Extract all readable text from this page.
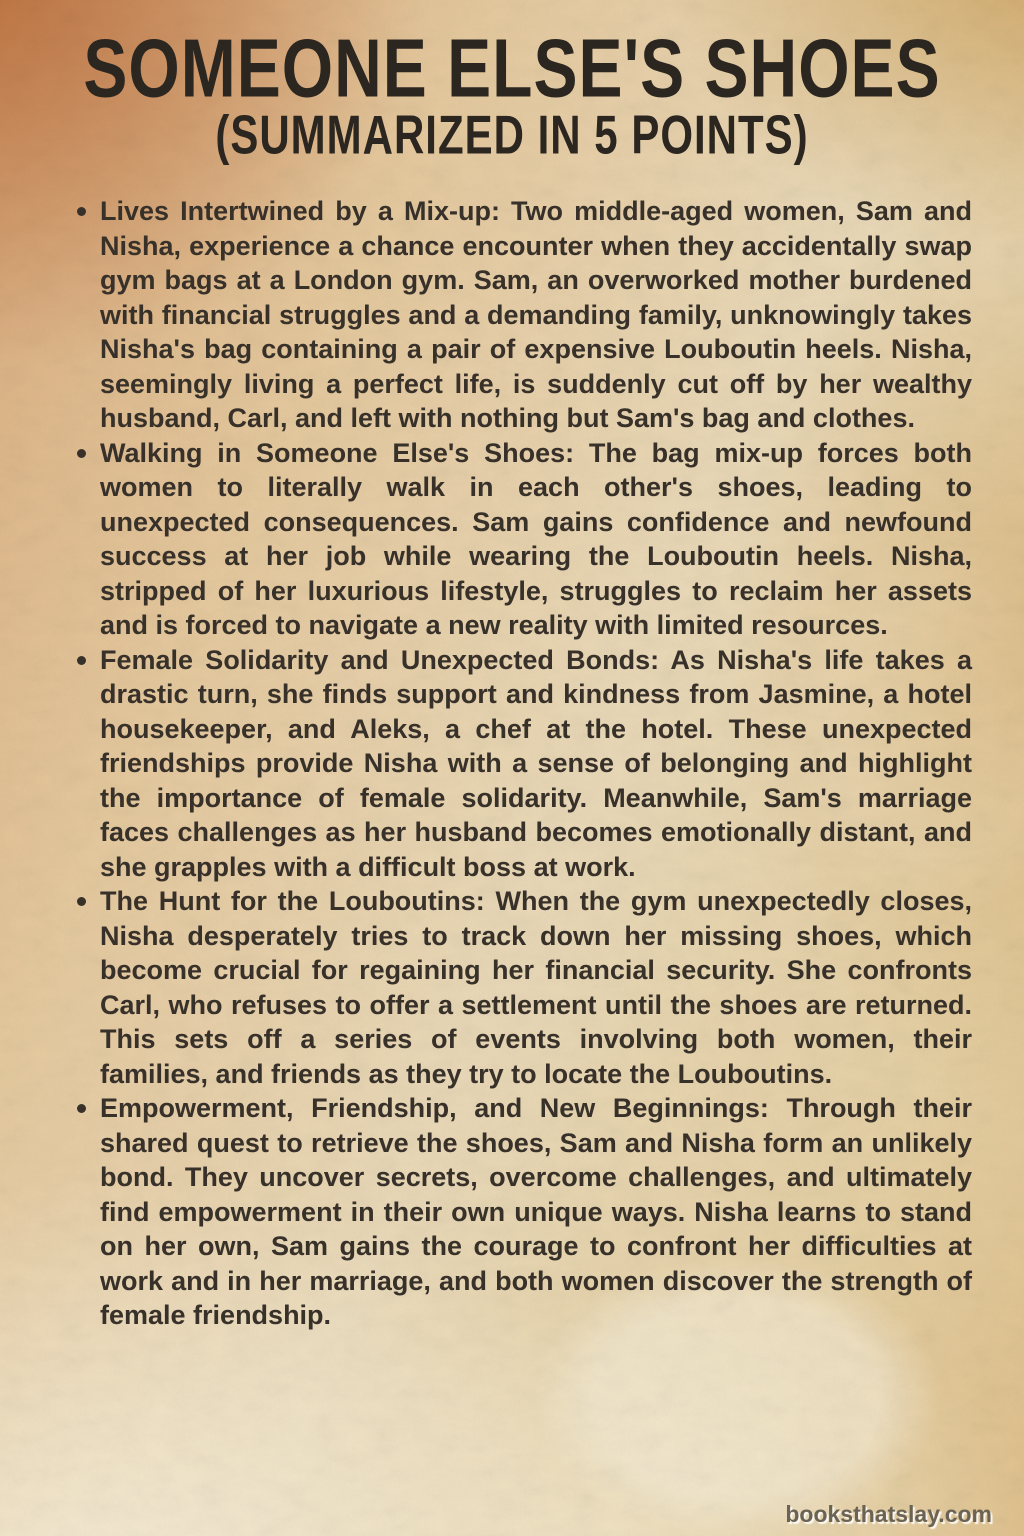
SOMEONE ELSE'S SHOES
(SUMMARIZED IN 5 POINTS)
Lives Intertwined by a Mix-up: Two middle-aged women, Sam and Nisha, experience a chance encounter when they accidentally swap gym bags at a London gym. Sam, an overworked mother burdened with financial struggles and a demanding family, unknowingly takes Nisha's bag containing a pair of expensive Louboutin heels. Nisha, seemingly living a perfect life, is suddenly cut off by her wealthy husband, Carl, and left with nothing but Sam's bag and clothes.
Walking in Someone Else's Shoes: The bag mix-up forces both women to literally walk in each other's shoes, leading to unexpected consequences. Sam gains confidence and newfound success at her job while wearing the Louboutin heels. Nisha, stripped of her luxurious lifestyle, struggles to reclaim her assets and is forced to navigate a new reality with limited resources.
Female Solidarity and Unexpected Bonds: As Nisha's life takes a drastic turn, she finds support and kindness from Jasmine, a hotel housekeeper, and Aleks, a chef at the hotel. These unexpected friendships provide Nisha with a sense of belonging and highlight the importance of female solidarity. Meanwhile, Sam's marriage faces challenges as her husband becomes emotionally distant, and she grapples with a difficult boss at work.
The Hunt for the Louboutins: When the gym unexpectedly closes, Nisha desperately tries to track down her missing shoes, which become crucial for regaining her financial security. She confronts Carl, who refuses to offer a settlement until the shoes are returned. This sets off a series of events involving both women, their families, and friends as they try to locate the Louboutins.
Empowerment, Friendship, and New Beginnings: Through their shared quest to retrieve the shoes, Sam and Nisha form an unlikely bond. They uncover secrets, overcome challenges, and ultimately find empowerment in their own unique ways. Nisha learns to stand on her own, Sam gains the courage to confront her difficulties at work and in her marriage, and both women discover the strength of female friendship.
booksthatslay.com
